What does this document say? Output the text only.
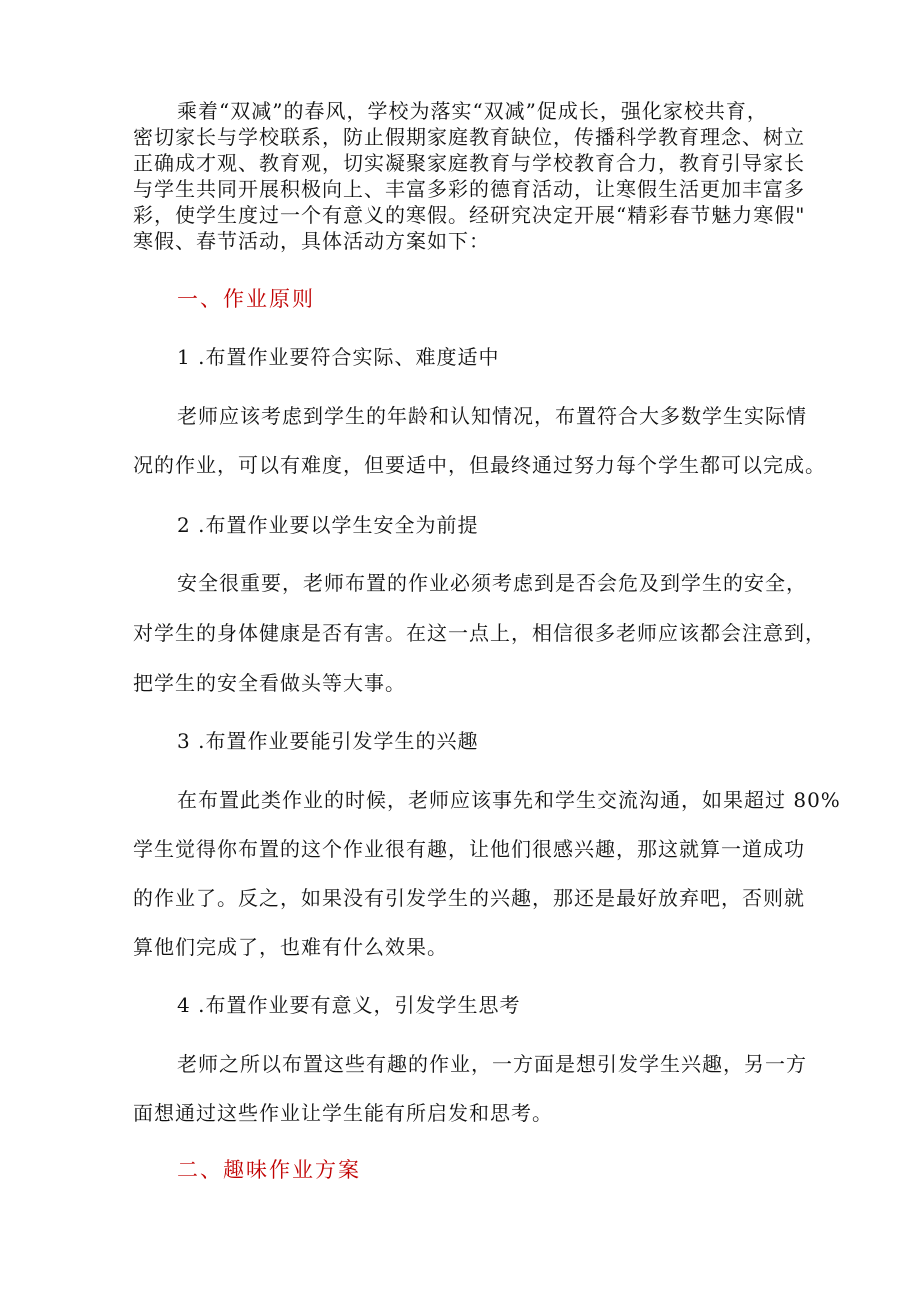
乘着“双减”的春风，学校为落实“双减”促成长，强化家校共育，
密切家长与学校联系，防止假期家庭教育缺位，传播科学教育理念、树立
正确成才观、教育观，切实凝聚家庭教育与学校教育合力，教育引导家长
与学生共同开展积极向上、丰富多彩的德育活动，让寒假生活更加丰富多
彩，使学生度过一个有意义的寒假。经研究决定开展“精彩春节魅力寒假"
寒假、春节活动，具体活动方案如下：
一、作业原则
1 .布置作业要符合实际、难度适中
老师应该考虑到学生的年龄和认知情况，布置符合大多数学生实际情
况的作业，可以有难度，但要适中，但最终通过努力每个学生都可以完成。
2 .布置作业要以学生安全为前提
安全很重要，老师布置的作业必须考虑到是否会危及到学生的安全，
对学生的身体健康是否有害。在这一点上，相信很多老师应该都会注意到，
把学生的安全看做头等大事。
3 .布置作业要能引发学生的兴趣
在布置此类作业的时候，老师应该事先和学生交流沟通，如果超过 80%
学生觉得你布置的这个作业很有趣，让他们很感兴趣，那这就算一道成功
的作业了。反之，如果没有引发学生的兴趣，那还是最好放弃吧，否则就
算他们完成了，也难有什么效果。
4 .布置作业要有意义，引发学生思考
老师之所以布置这些有趣的作业，一方面是想引发学生兴趣，另一方
面想通过这些作业让学生能有所启发和思考。
二、趣味作业方案
